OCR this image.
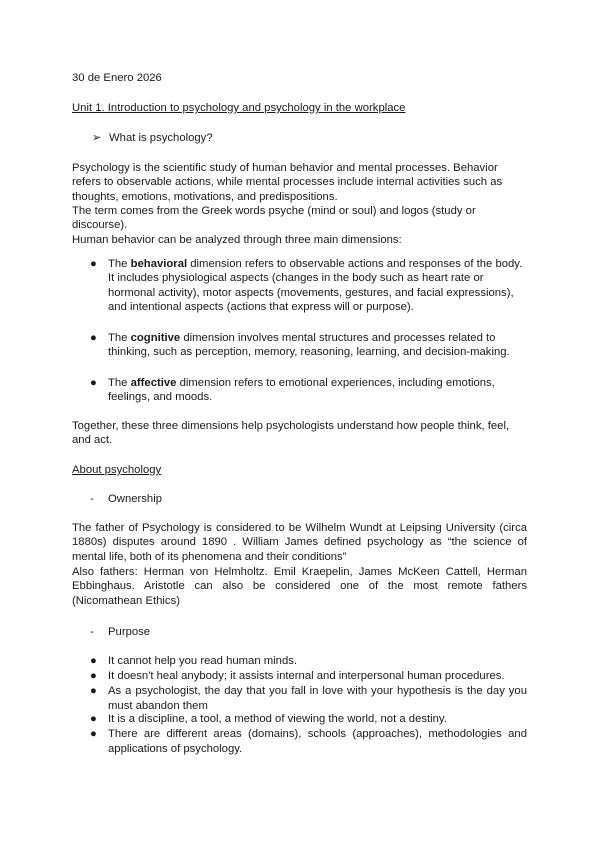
30 de Enero 2026

Unit 1. Introduction to psychology and psychology in the workplace

➢ What is psychology?

Psychology is the scientific study of human behavior and mental processes. Behavior refers to observable actions, while mental processes include internal activities such as thoughts, emotions, motivations, and predispositions.

The term comes from the Greek words psyche (mind or soul) and logos (study or discourse).

Human behavior can be analyzed through three main dimensions:

● The behavioral dimension refers to observable actions and responses of the body. It includes physiological aspects (changes in the body such as heart rate or hormonal activity), motor aspects (movements, gestures, and facial expressions), and intentional aspects (actions that express will or purpose).
● The cognitive dimension involves mental structures and processes related to thinking, such as perception, memory, reasoning, learning, and decision-making.
● The affective dimension refers to emotional experiences, including emotions, feelings, and moods.

Together, these three dimensions help psychologists understand how people think, feel, and act.

About psychology

- Ownership

The father of Psychology is considered to be Wilhelm Wundt at Leipsing University (circa 1880s) disputes around 1890 . William James defined psychology as “the science of mental life, both of its phenomena and their conditions”

Also fathers: Herman von Helmholtz. Emil Kraepelin, James McKeen Cattell, Herman Ebbinghaus. Aristotle can also be considered one of the most remote fathers (Nicomathean Ethics)

- Purpose
● It cannot help you read human minds.
● It doesn't heal anybody; it assists internal and interpersonal human procedures.
● As a psychologist, the day that you fall in love with your hypothesis is the day you must abandon them
● It is a discipline, a tool, a method of viewing the world, not a destiny.
● There are different areas (domains), schools (approaches), methodologies and applications of psychology.
